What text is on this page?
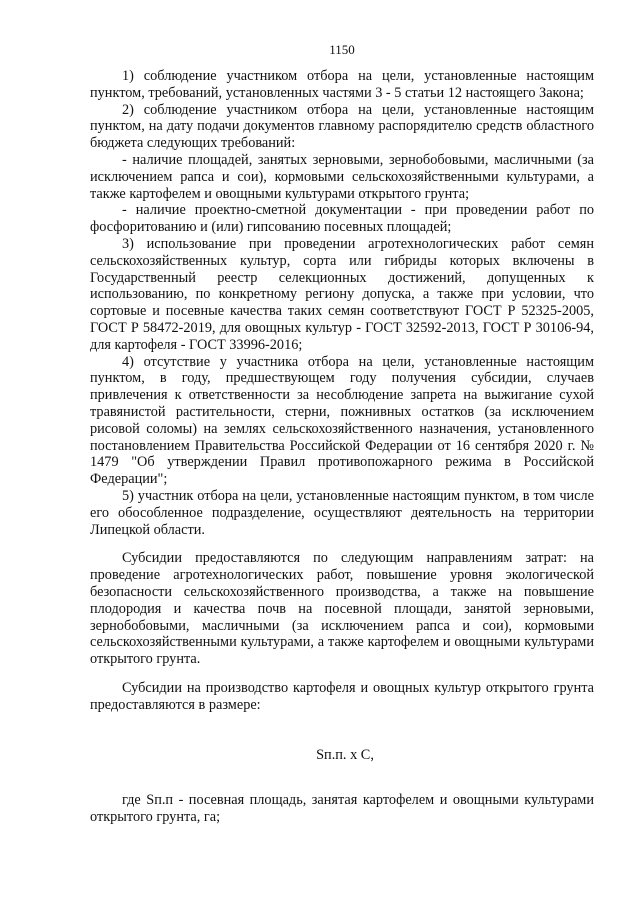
1150

1) соблюдение участником отбора на цели, установленные настоящим пунктом, требований, установленных частями 3 - 5 статьи 12 настоящего Закона;

2) соблюдение участником отбора на цели, установленные настоящим пунктом, на дату подачи документов главному распорядителю средств областного бюджета следующих требований:

- наличие площадей, занятых зерновыми, зернобобовыми, масличными (за исключением рапса и сои), кормовыми сельскохозяйственными культурами, а также картофелем и овощными культурами открытого грунта;

- наличие проектно-сметной документации - при проведении работ по фосфоритованию и (или) гипсованию посевных площадей;

3) использование при проведении агротехнологических работ семян сельскохозяйственных культур, сорта или гибриды которых включены в Государственный реестр селекционных достижений, допущенных к использованию, по конкретному региону допуска, а также при условии, что сортовые и посевные качества таких семян соответствуют ГОСТ Р 52325-2005, ГОСТ Р 58472-2019, для овощных культур - ГОСТ 32592-2013, ГОСТ Р 30106-94, для картофеля - ГОСТ 33996-2016;

4) отсутствие у участника отбора на цели, установленные настоящим пунктом, в году, предшествующем году получения субсидии, случаев привлечения к ответственности за несоблюдение запрета на выжигание сухой травянистой растительности, стерни, пожнивных остатков (за исключением рисовой соломы) на землях сельскохозяйственного назначения, установленного постановлением Правительства Российской Федерации от 16 сентября 2020 г. № 1479 "Об утверждении Правил противопожарного режима в Российской Федерации";

5) участник отбора на цели, установленные настоящим пунктом, в том числе его обособленное подразделение, осуществляют деятельность на территории Липецкой области.

Субсидии предоставляются по следующим направлениям затрат: на проведение агротехнологических работ, повышение уровня экологической безопасности сельскохозяйственного производства, а также на повышение плодородия и качества почв на посевной площади, занятой зерновыми, зернобобовыми, масличными (за исключением рапса и сои), кормовыми сельскохозяйственными культурами, а также картофелем и овощными культурами открытого грунта.

Субсидии на производство картофеля и овощных культур открытого грунта предоставляются в размере:

Sп.п. x C,

где Sп.п - посевная площадь, занятая картофелем и овощными культурами открытого грунта, га;
